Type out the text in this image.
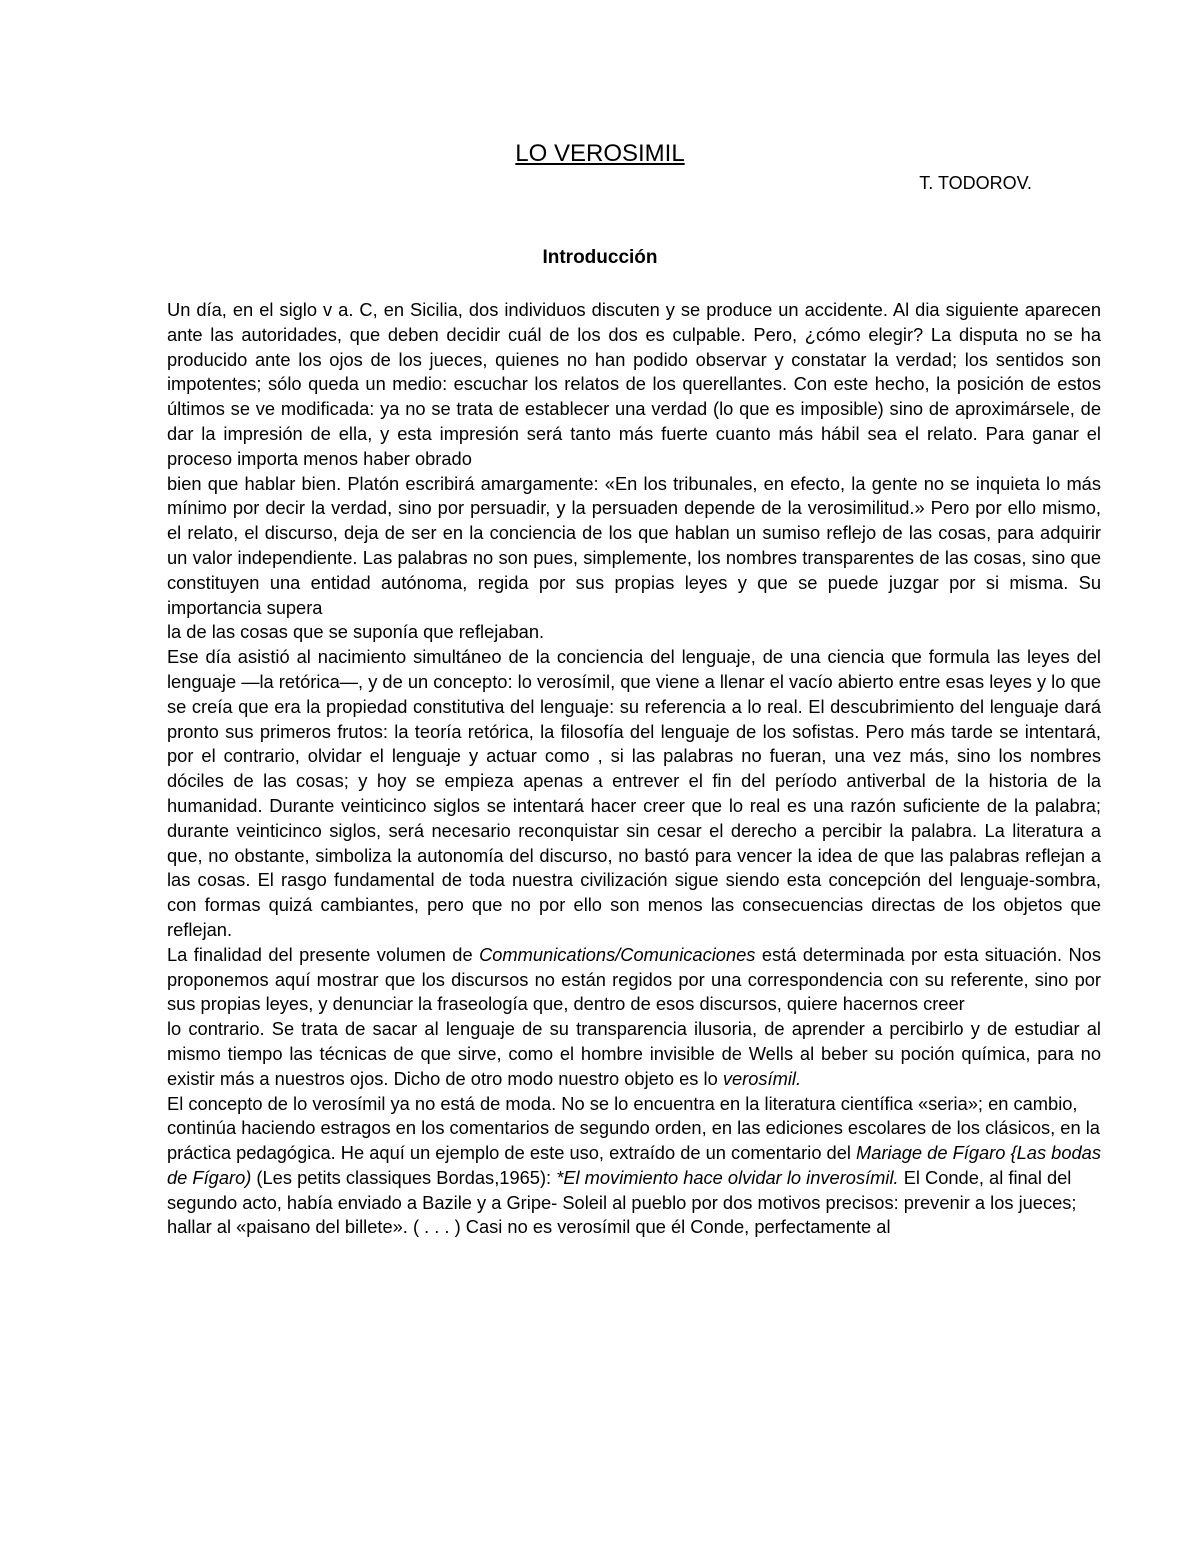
LO VEROSIMIL
T. TODOROV.
Introducción

Un día, en el siglo v a. C, en Sicilia, dos individuos discuten y se produce un accidente. Al dia siguiente aparecen ante las autoridades, que deben decidir cuál de los dos es culpable. Pero, ¿cómo elegir? La disputa no se ha producido ante los ojos de los jueces, quienes no han podido observar y constatar la verdad; los sentidos son impotentes; sólo queda un medio: escuchar los relatos de los querellantes. Con este hecho, la posición de estos últimos se ve modificada: ya no se trata de establecer una verdad (lo que es imposible) sino de aproximársele, de dar la impresión de ella, y esta impresión será tanto más fuerte cuanto más hábil sea el relato. Para ganar el proceso importa menos haber obrado

bien que hablar bien. Platón escribirá amargamente: «En los tribunales, en efecto, la gente no se inquieta lo más mínimo por decir la verdad, sino por persuadir, y la persuaden depende de la verosimilitud.» Pero por ello mismo, el relato, el discurso, deja de ser en la conciencia de los que hablan un sumiso reflejo de las cosas, para adquirir un valor independiente. Las palabras no son pues, simplemente, los nombres transparentes de las cosas, sino que constituyen una entidad autónoma, regida por sus propias leyes y que se puede juzgar por si misma. Su importancia supera

la de las cosas que se suponía que reflejaban.

Ese día asistió al nacimiento simultáneo de la conciencia del lenguaje, de una ciencia que formula las leyes del lenguaje —la retórica—, y de un concepto: lo verosímil, que viene a llenar el vacío abierto entre esas leyes y lo que se creía que era la propiedad constitutiva del lenguaje: su referencia a lo real. El descubrimiento del lenguaje dará pronto sus primeros frutos: la teoría retórica, la filosofía del lenguaje de los sofistas. Pero más tarde se intentará, por el contrario, olvidar el lenguaje y actuar como , si las palabras no fueran, una vez más, sino los nombres dóciles de las cosas; y hoy se empieza apenas a entrever el fin del período antiverbal de la historia de la humanidad. Durante veinticinco siglos se intentará hacer creer que lo real es una razón suficiente de la palabra; durante veinticinco siglos, será necesario reconquistar sin cesar el derecho a percibir la palabra. La literatura a que, no obstante, simboliza la autonomía del discurso, no bastó para vencer la idea de que las palabras reflejan a las cosas. El rasgo fundamental de toda nuestra civilización sigue siendo esta concepción del lenguaje-sombra, con formas quizá cambiantes, pero que no por ello son menos las consecuencias directas de los objetos que reflejan.

La finalidad del presente volumen de Communications/Comunicaciones está determinada por esta situación. Nos proponemos aquí mostrar que los discursos no están regidos por una correspondencia con su referente, sino por sus propias leyes, y denunciar la fraseología que, dentro de esos discursos, quiere hacernos creer

lo contrario. Se trata de sacar al lenguaje de su transparencia ilusoria, de aprender a percibirlo y de estudiar al mismo tiempo las técnicas de que sirve, como el hombre invisible de Wells al beber su poción química, para no existir más a nuestros ojos. Dicho de otro modo nuestro objeto es lo verosímil.

El concepto de lo verosímil ya no está de moda. No se lo encuentra en la literatura científica «seria»; en cambio, continúa haciendo estragos en los comentarios de segundo orden, en las ediciones escolares de los clásicos, en la práctica pedagógica. He aquí un ejemplo de este uso, extraído de un comentario del Mariage de Fígaro {Las bodas de Fígaro) (Les petits classiques Bordas,1965): *El movimiento hace olvidar lo inverosímil. El Conde, al final del segundo acto, había enviado a Bazile y a Gripe- Soleil al pueblo por dos motivos precisos: prevenir a los jueces; hallar al «paisano del billete». ( . . . ) Casi no es verosímil que él Conde, perfectamente al
